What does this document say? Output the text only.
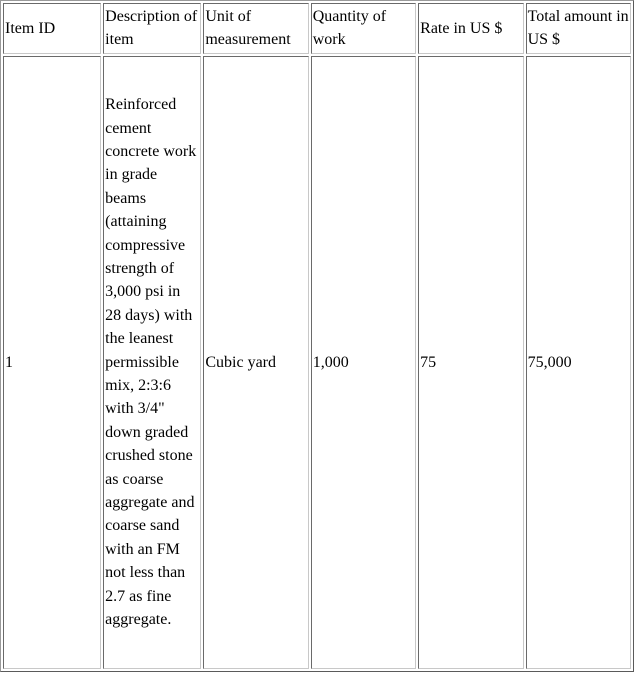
Item ID	Description of item	Unit of measurement	Quantity of work	Rate in US $	Total amount in US $
1	Reinforced cement concrete work in grade beams (attaining compressive strength of 3,000 psi in 28 days) with the leanest permissible mix, 2:3:6 with 3/4" down graded crushed stone as coarse aggregate and coarse sand with an FM not less than 2.7 as fine aggregate.	Cubic yard	1,000	75	75,000
